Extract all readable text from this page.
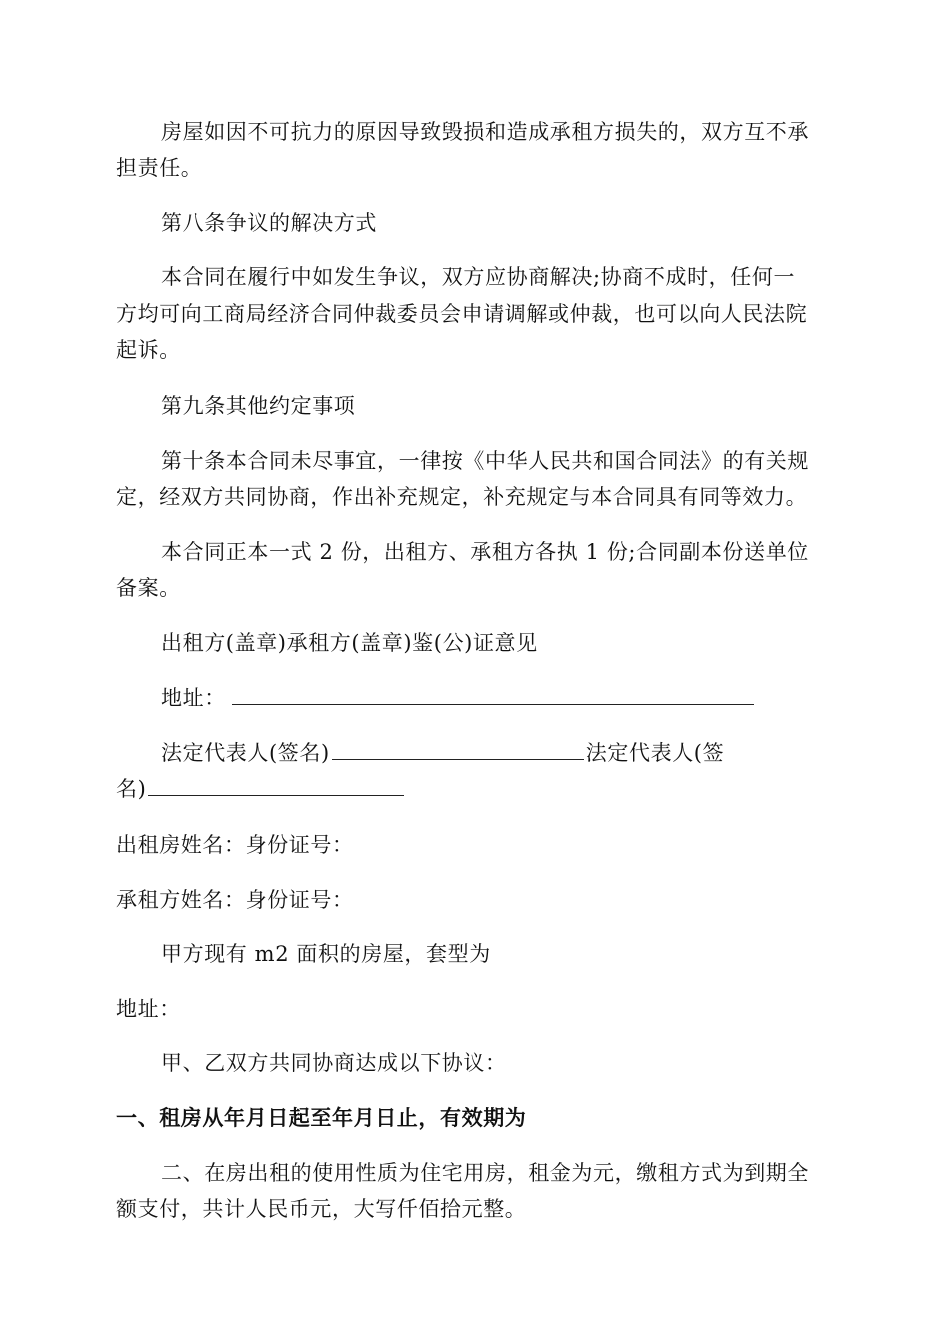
房屋如因不可抗力的原因导致毁损和造成承租方损失的，双方互不承
担责任。
第八条争议的解决方式
本合同在履行中如发生争议，双方应协商解决;协商不成时，任何一
方均可向工商局经济合同仲裁委员会申请调解或仲裁，也可以向人民法院
起诉。
第九条其他约定事项
第十条本合同未尽事宜，一律按《中华人民共和国合同法》的有关规
定，经双方共同协商，作出补充规定，补充规定与本合同具有同等效力。
本合同正本一式 2 份，出租方、承租方各执 1 份;合同副本份送单位
备案。
出租方(盖章)承租方(盖章)鉴(公)证意见
地址：
法定代表人(签名)	法定代表人(签
名)
出租房姓名：身份证号：
承租方姓名：身份证号：
甲方现有 m2 面积的房屋，套型为
地址：
甲、乙双方共同协商达成以下协议：
一、租房从年月日起至年月日止，有效期为
二、在房出租的使用性质为住宅用房，租金为元，缴租方式为到期全
额支付，共计人民币元，大写仟佰拾元整。
